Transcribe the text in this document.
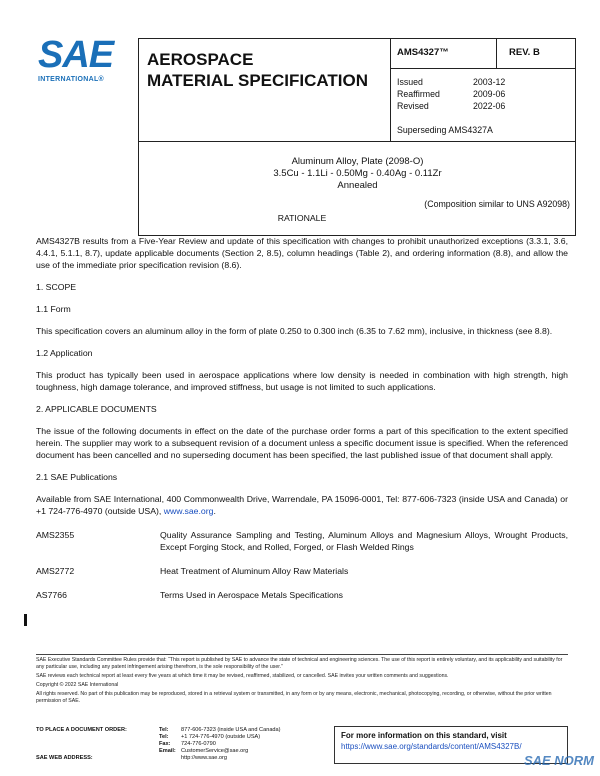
SAE
INTERNATIONAL®
AEROSPACE
MATERIAL SPECIFICATION
AMS4327™	REV. B
Issued	2003-12
Reaffirmed	2009-06
Revised	2022-06
Superseding AMS4327A
Aluminum Alloy, Plate (2098-O)
3.5Cu - 1.1Li - 0.50Mg - 0.40Ag - 0.11Zr
Annealed
(Composition similar to UNS A92098)
RATIONALE

AMS4327B results from a Five-Year Review and update of this specification with changes to prohibit unauthorized exceptions (3.3.1, 3.6, 4.4.1, 5.1.1, 8.7), update applicable documents (Section 2, 8.5), column headings (Table 2), and ordering information (8.8), and allow the use of the immediate prior specification revision (8.6).

1. SCOPE
1.1 Form

This specification covers an aluminum alloy in the form of plate 0.250 to 0.300 inch (6.35 to 7.62 mm), inclusive, in thickness (see 8.8).

1.2 Application

This product has typically been used in aerospace applications where low density is needed in combination with high strength, high toughness, high damage tolerance, and improved stiffness, but usage is not limited to such applications.

2. APPLICABLE DOCUMENTS

The issue of the following documents in effect on the date of the purchase order forms a part of this specification to the extent specified herein. The supplier may work to a subsequent revision of a document unless a specific document issue is specified. When the referenced document has been cancelled and no superseding document has been specified, the last published issue of that document shall apply.

2.1 SAE Publications

Available from SAE International, 400 Commonwealth Drive, Warrendale, PA 15096-0001, Tel: 877-606-7323 (inside USA and Canada) or +1 724-776-4970 (outside USA), www.sae.org.

AMS2355	Quality Assurance Sampling and Testing, Aluminum Alloys and Magnesium Alloys, Wrought Products, Except Forging Stock, and Rolled, Forged, or Flash Welded Rings
AMS2772	Heat Treatment of Aluminum Alloy Raw Materials
AS7766	Terms Used in Aerospace Metals Specifications

SAE Executive Standards Committee Rules provide that: “This report is published by SAE to advance the state of technical and engineering sciences. The use of this report is entirely voluntary, and its applicability and suitability for any particular use, including any patent infringement arising therefrom, is the sole responsibility of the user.”

SAE reviews each technical report at least every five years at which time it may be revised, reaffirmed, stabilized, or cancelled. SAE invites your written comments and suggestions.

Copyright © 2022 SAE International

All rights reserved. No part of this publication may be reproduced, stored in a retrieval system or transmitted, in any form or by any means, electronic, mechanical, photocopying, recording, or otherwise, without the prior written permission of SAE.

TO PLACE A DOCUMENT ORDER:	Tel:	877-606-7323 (inside USA and Canada)
Tel:	+1 724-776-4970 (outside USA)
Fax:	724-776-0790
Email: CustomerService@sae.org
SAE WEB ADDRESS:	http://www.sae.org
For more information on this standard, visit
https://www.sae.org/standards/content/AMS4327B/
SAE NORM
